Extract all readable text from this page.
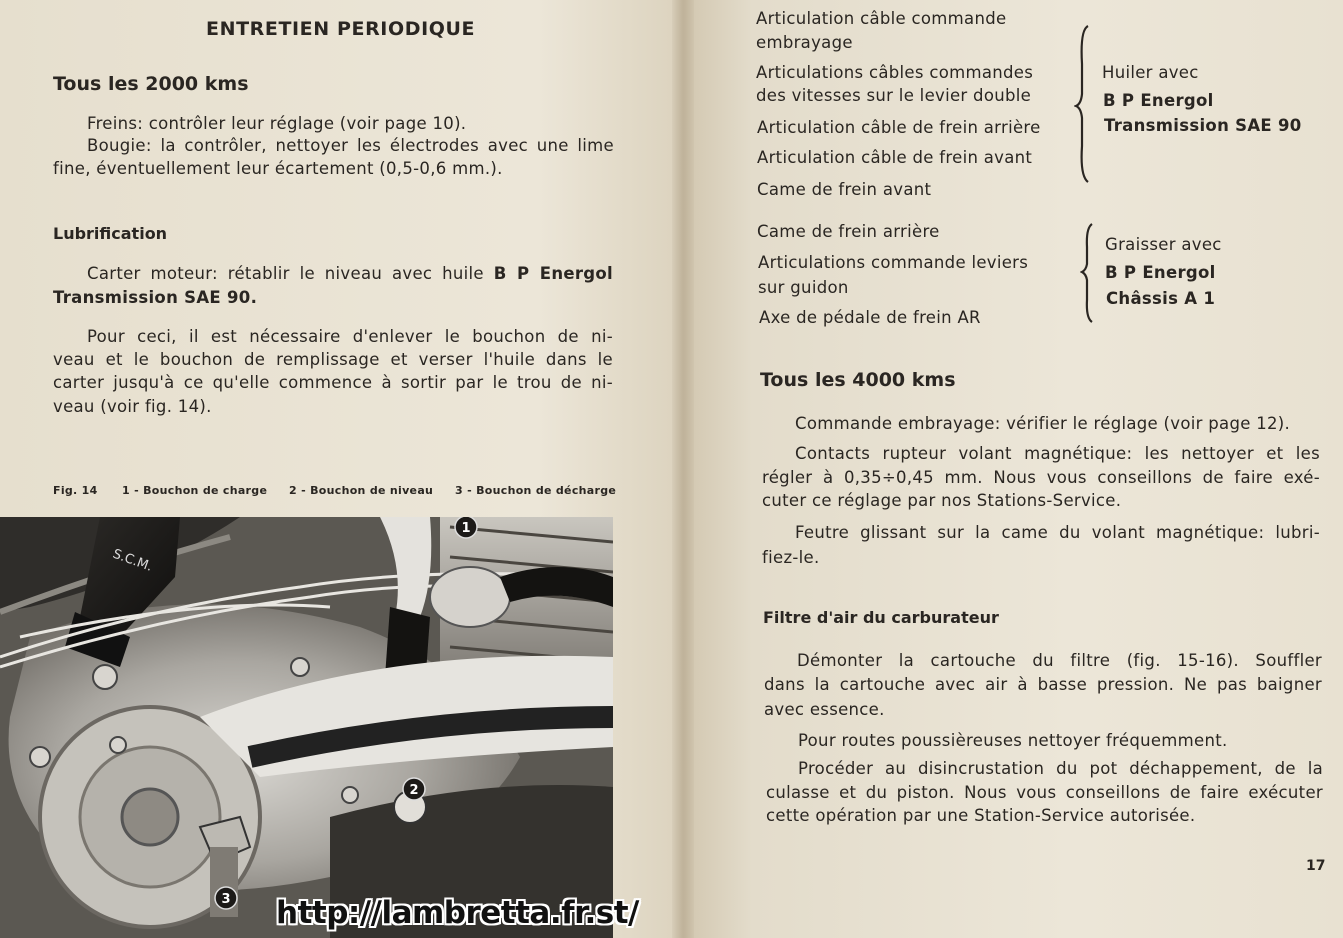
ENTRETIEN PERIODIQUE
Tous les 2000 kms
Freins: contrôler leur réglage (voir page 10).
Bougie: la contrôler, nettoyer les électrodes avec une lime
fine, éventuellement leur écartement (0,5-0,6 mm.).
Lubrification
Carter moteur: rétablir le niveau avec huile B P Energol
Transmission SAE 90.
Pour ceci, il est nécessaire d'enlever le bouchon de ni-
veau et le bouchon de remplissage et verser l'huile dans le
carter jusqu'à ce qu'elle commence à sortir par le trou de ni-
veau (voir fig. 14).
Fig. 14 1 - Bouchon de charge 2 - Bouchon de niveau 3 - Bouchon de décharge
S.C.M.
1
2
3
Articulation câble commande
embrayage
Articulations câbles commandes
des vitesses sur le levier double
Articulation câble de frein arrière
Articulation câble de frein avant
Came de frein avant
Huiler avec
B P Energol
Transmission SAE 90
Came de frein arrière
Articulations commande leviers
sur guidon
Axe de pédale de frein AR
Graisser avec
B P Energol
Châssis A 1
Tous les 4000 kms
Commande embrayage: vérifier le réglage (voir page 12).
Contacts rupteur volant magnétique: les nettoyer et les
régler à 0,35÷0,45 mm. Nous vous conseillons de faire exé-
cuter ce réglage par nos Stations-Service.
Feutre glissant sur la came du volant magnétique: lubri-
fiez-le.
Filtre d'air du carburateur
Démonter la cartouche du filtre (fig. 15-16). Souffler
dans la cartouche avec air à basse pression. Ne pas baigner
avec essence.
Pour routes poussièreuses nettoyer fréquemment.
Procéder au disincrustation du pot déchappement, de la
culasse et du piston. Nous vous conseillons de faire exécuter
cette opération par une Station-Service autorisée.
17
http://lambretta.fr.st/
